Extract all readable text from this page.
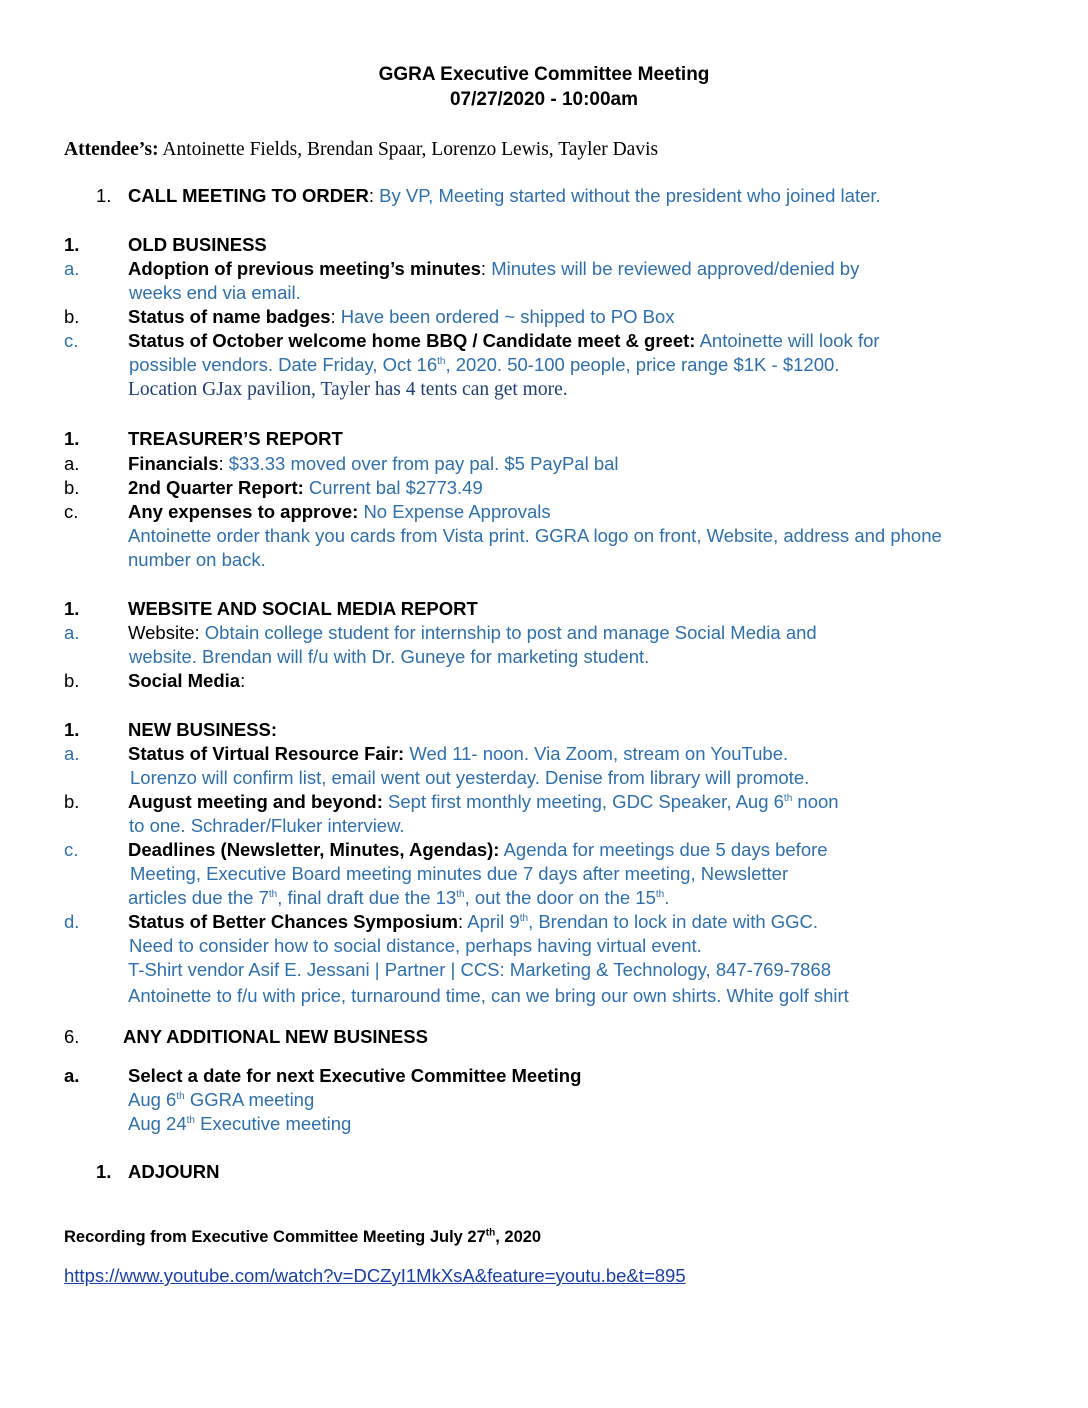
GGRA Executive Committee Meeting
07/27/2020 - 10:00am
Attendee’s: Antoinette Fields, Brendan Spaar, Lorenzo Lewis, Tayler Davis
1. CALL MEETING TO ORDER: By VP, Meeting started without the president who joined later.
1.	OLD BUSINESS
a.	Adoption of previous meeting’s minutes: Minutes will be reviewed approved/denied by
weeks end via email.
b.	Status of name badges: Have been ordered ~ shipped to PO Box
c.	Status of October welcome home BBQ / Candidate meet & greet: Antoinette will look for
possible vendors. Date Friday, Oct 16th, 2020. 50-100 people, price range $1K - $1200.
Location GJax pavilion, Tayler has 4 tents can get more.
1.	TREASURER’S REPORT
a.	Financials: $33.33 moved over from pay pal. $5 PayPal bal
b.	2nd Quarter Report: Current bal $2773.49
c.	Any expenses to approve: No Expense Approvals
Antoinette order thank you cards from Vista print. GGRA logo on front, Website, address and phone
number on back.
1.	WEBSITE AND SOCIAL MEDIA REPORT
a.	Website: Obtain college student for internship to post and manage Social Media and
website. Brendan will f/u with Dr. Guneye for marketing student.
b.	Social Media:
1.	NEW BUSINESS:
a.	Status of Virtual Resource Fair: Wed 11- noon. Via Zoom, stream on YouTube.
Lorenzo will confirm list, email went out yesterday. Denise from library will promote.
b.	August meeting and beyond: Sept first monthly meeting, GDC Speaker, Aug 6th noon
to one. Schrader/Fluker interview.
c.	Deadlines (Newsletter, Minutes, Agendas): Agenda for meetings due 5 days before
Meeting, Executive Board meeting minutes due 7 days after meeting, Newsletter
articles due the 7th, final draft due the 13th, out the door on the 15th.
d.	Status of Better Chances Symposium: April 9th, Brendan to lock in date with GGC.
Need to consider how to social distance, perhaps having virtual event.
T-Shirt vendor Asif E. Jessani | Partner | CCS: Marketing & Technology, 847-769-7868
Antoinette to f/u with price, turnaround time, can we bring our own shirts. White golf shirt
6. ANY ADDITIONAL NEW BUSINESS
a.	Select a date for next Executive Committee Meeting
Aug 6th GGRA meeting
Aug 24th Executive meeting
1. ADJOURN
Recording from Executive Committee Meeting July 27th, 2020
https://www.youtube.com/watch?v=DCZyI1MkXsA&feature=youtu.be&t=895
